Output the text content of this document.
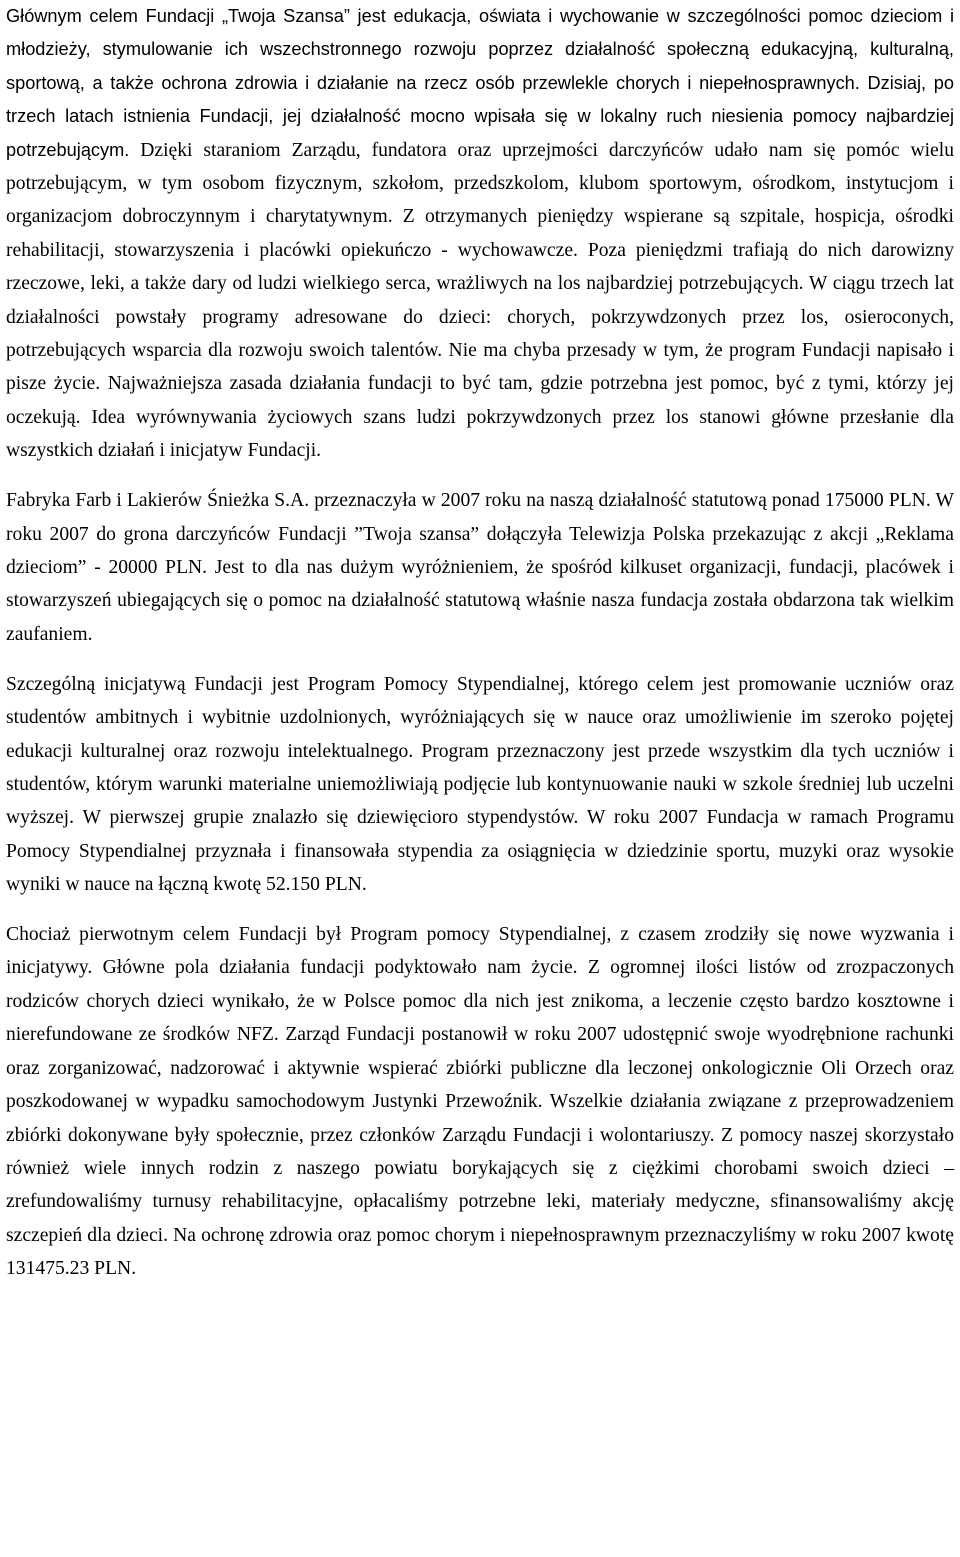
Głównym celem Fundacji „Twoja Szansa” jest edukacja, oświata i wychowanie w szczególności pomoc dzieciom i młodzieży, stymulowanie ich wszechstronnego rozwoju poprzez działalność społeczną edukacyjną, kulturalną, sportową, a także ochrona zdrowia i działanie na rzecz osób przewlekle chorych i niepełnosprawnych. Dzisiaj, po trzech latach istnienia Fundacji, jej działalność mocno wpisała się w lokalny ruch niesienia pomocy najbardziej potrzebującym. Dzięki staraniom Zarządu, fundatora oraz uprzejmości darczyńców udało nam się pomóc wielu potrzebującym, w tym osobom fizycznym, szkołom, przedszkolom, klubom sportowym, ośrodkom, instytucjom i organizacjom dobroczynnym i charytatywnym. Z otrzymanych pieniędzy wspierane są szpitale, hospicja, ośrodki rehabilitacji, stowarzyszenia i placówki opiekuńczo - wychowawcze. Poza pieniędzmi trafiają do nich darowizny rzeczowe, leki, a także dary od ludzi wielkiego serca, wrażliwych na los najbardziej potrzebujących. W ciągu trzech lat działalności powstały programy adresowane do dzieci: chorych, pokrzywdzonych przez los, osieroconych, potrzebujących wsparcia dla rozwoju swoich talentów. Nie ma chyba przesady w tym, że program Fundacji napisało i pisze życie. Najważniejsza zasada działania fundacji to być tam, gdzie potrzebna jest pomoc, być z tymi, którzy jej oczekują. Idea wyrównywania życiowych szans ludzi pokrzywdzonych przez los stanowi główne przesłanie dla wszystkich działań i inicjatyw Fundacji.

Fabryka Farb i Lakierów Śnieżka S.A. przeznaczyła w 2007 roku na naszą działalność statutową ponad 175000 PLN. W roku 2007 do grona darczyńców Fundacji ”Twoja szansa” dołączyła Telewizja Polska przekazując z akcji „Reklama dzieciom” - 20000 PLN. Jest to dla nas dużym wyróżnieniem, że spośród kilkuset organizacji, fundacji, placówek i stowarzyszeń ubiegających się o pomoc na działalność statutową właśnie nasza fundacja została obdarzona tak wielkim zaufaniem.

Szczególną inicjatywą Fundacji jest Program Pomocy Stypendialnej, którego celem jest promowanie uczniów oraz studentów ambitnych i wybitnie uzdolnionych, wyróżniających się w nauce oraz umożliwienie im szeroko pojętej edukacji kulturalnej oraz rozwoju intelektualnego. Program przeznaczony jest przede wszystkim dla tych uczniów i studentów, którym warunki materialne uniemożliwiają podjęcie lub kontynuowanie nauki w szkole średniej lub uczelni wyższej. W pierwszej grupie znalazło się dziewięcioro stypendystów. W roku 2007 Fundacja w ramach Programu Pomocy Stypendialnej przyznała i finansowała stypendia za osiągnięcia w dziedzinie sportu, muzyki oraz wysokie wyniki w nauce na łączną kwotę 52.150 PLN.

Chociaż pierwotnym celem Fundacji był Program pomocy Stypendialnej, z czasem zrodziły się nowe wyzwania i inicjatywy. Główne pola działania fundacji podyktowało nam życie. Z ogromnej ilości listów od zrozpaczonych rodziców chorych dzieci wynikało, że w Polsce pomoc dla nich jest znikoma, a leczenie często bardzo kosztowne i nierefundowane ze środków NFZ. Zarząd Fundacji postanowił w roku 2007 udostępnić swoje wyodrębnione rachunki oraz zorganizować, nadzorować i aktywnie wspierać zbiórki publiczne dla leczonej onkologicznie Oli Orzech oraz poszkodowanej w wypadku samochodowym Justynki Przewoźnik. Wszelkie działania związane z przeprowadzeniem zbiórki dokonywane były społecznie, przez członków Zarządu Fundacji i wolontariuszy. Z pomocy naszej skorzystało również wiele innych rodzin z naszego powiatu borykających się z ciężkimi chorobami swoich dzieci – zrefundowaliśmy turnusy rehabilitacyjne, opłacaliśmy potrzebne leki, materiały medyczne, sfinansowaliśmy akcję szczepień dla dzieci. Na ochronę zdrowia oraz pomoc chorym i niepełnosprawnym przeznaczyliśmy w roku 2007 kwotę 131475.23 PLN.
